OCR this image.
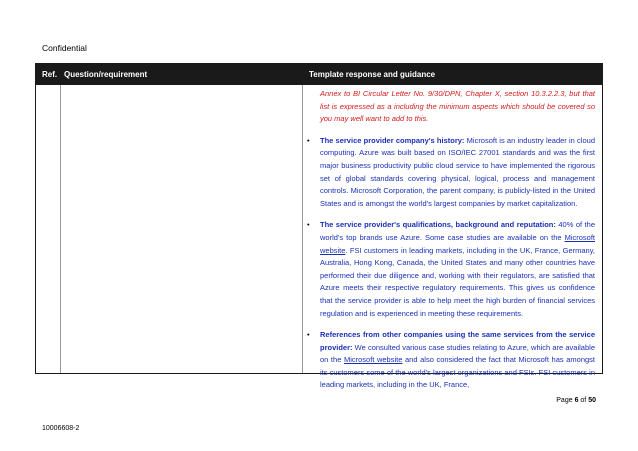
Confidential
Ref. Question/requirement	Template response and guidance

Annex to BI Circular Letter No. 9/30/DPN, Chapter X, section 10.3.2.2.3, but that list is expressed as a including the minimum aspects which should be covered so you may well want to add to this.

• The service provider company's history: Microsoft is an industry leader in cloud computing. Azure was built based on ISO/IEC 27001 standards and was the first major business productivity public cloud service to have implemented the rigorous set of global standards covering physical, logical, process and management controls. Microsoft Corporation, the parent company, is publicly-listed in the United States and is amongst the world's largest companies by market capitalization.

• The service provider's qualifications, background and reputation: 40% of the world's top brands use Azure. Some case studies are available on the Microsoft website. FSI customers in leading markets, including in the UK, France, Germany, Australia, Hong Kong, Canada, the United States and many other countries have performed their due diligence and, working with their regulators, are satisfied that Azure meets their respective regulatory requirements. This gives us confidence that the service provider is able to help meet the high burden of financial services regulation and is experienced in meeting these requirements.

• References from other companies using the same services from the service provider: We consulted various case studies relating to Azure, which are available on the Microsoft website and also considered the fact that Microsoft has amongst its customers some of the world's largest organizations and FSIs. FSI customers in leading markets, including in the UK, France,

Page 6 of 50
10006608-2
